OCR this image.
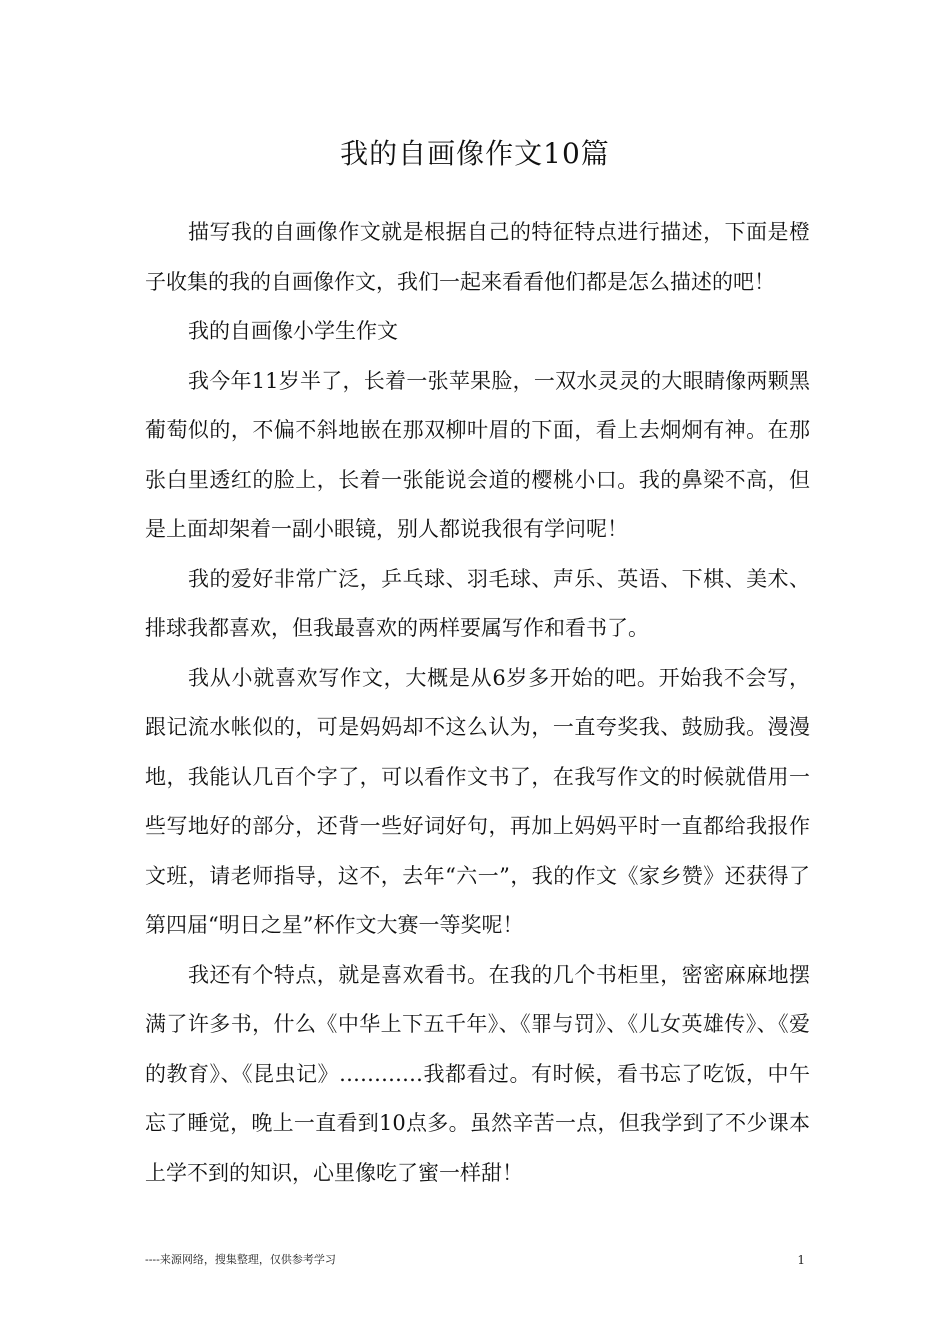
我的自画像作文10篇

描写我的自画像作文就是根据自己的特征特点进行描述，下面是橙子收集的我的自画像作文，我们一起来看看他们都是怎么描述的吧！

我的自画像小学生作文

我今年11岁半了，长着一张苹果脸，一双水灵灵的大眼睛像两颗黑葡萄似的，不偏不斜地嵌在那双柳叶眉的下面，看上去炯炯有神。在那张白里透红的脸上，长着一张能说会道的樱桃小口。我的鼻梁不高，但是上面却架着一副小眼镜，别人都说我很有学问呢！

我的爱好非常广泛，乒乓球、羽毛球、声乐、英语、下棋、美术、排球我都喜欢，但我最喜欢的两样要属写作和看书了。

我从小就喜欢写作文，大概是从6岁多开始的吧。开始我不会写，跟记流水帐似的，可是妈妈却不这么认为，一直夸奖我、鼓励我。漫漫地，我能认几百个字了，可以看作文书了，在我写作文的时候就借用一些写地好的部分，还背一些好词好句，再加上妈妈平时一直都给我报作文班，请老师指导，这不，去年“六一”，我的作文《家乡赞》还获得了第四届“明日之星”杯作文大赛一等奖呢！

我还有个特点，就是喜欢看书。在我的几个书柜里，密密麻麻地摆满了许多书，什么《中华上下五千年》、《罪与罚》、《儿女英雄传》、《爱的教育》、《昆虫记》…………我都看过。有时候，看书忘了吃饭，中午忘了睡觉，晚上一直看到10点多。虽然辛苦一点，但我学到了不少课本上学不到的知识，心里像吃了蜜一样甜！

----来源网络，搜集整理，仅供参考学习	1
